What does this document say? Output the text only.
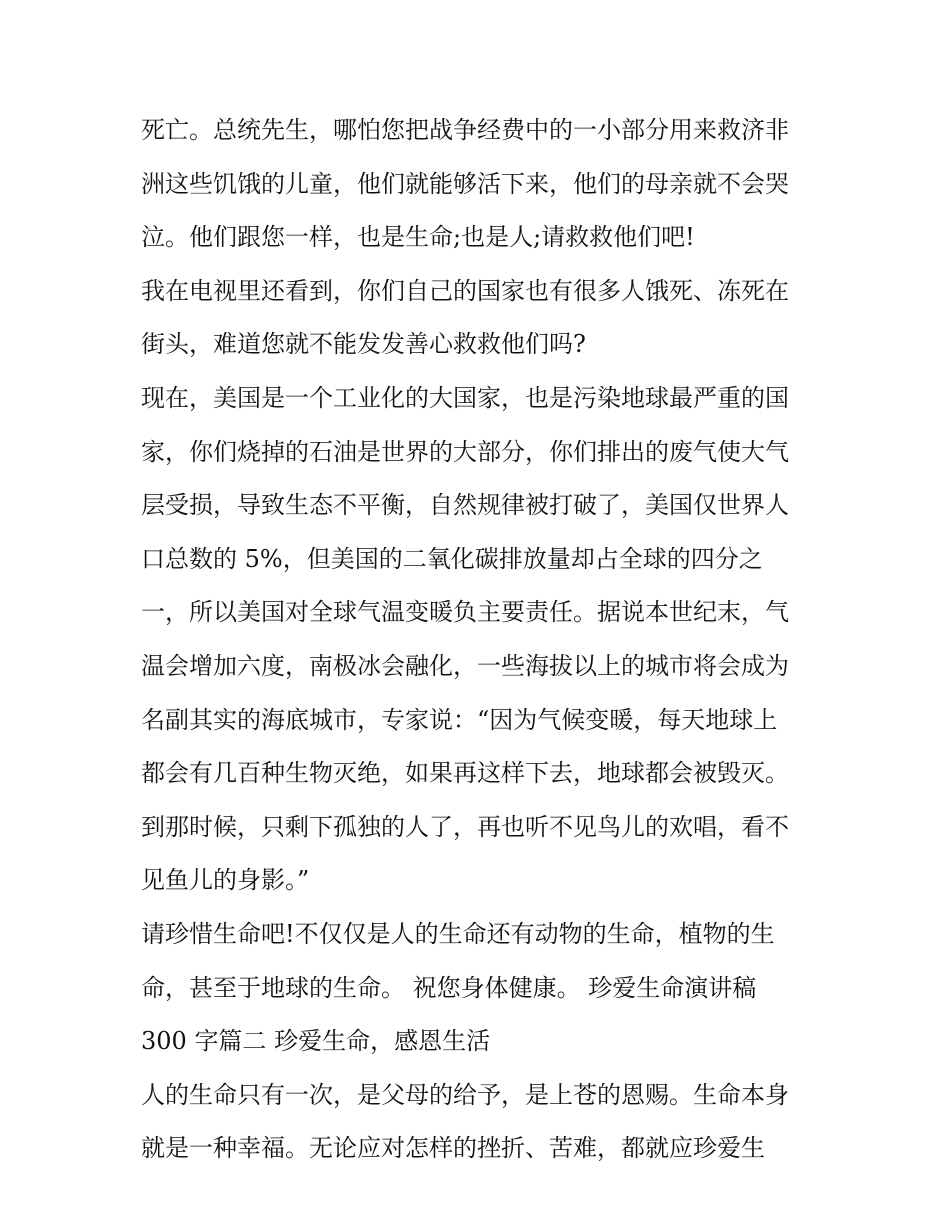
死亡。总统先生，哪怕您把战争经费中的一小部分用来救济非
洲这些饥饿的儿童，他们就能够活下来，他们的母亲就不会哭
泣。他们跟您一样，也是生命;也是人;请救救他们吧!
我在电视里还看到，你们自己的国家也有很多人饿死、冻死在
街头，难道您就不能发发善心救救他们吗?
现在，美国是一个工业化的大国家，也是污染地球最严重的国
家，你们烧掉的石油是世界的大部分，你们排出的废气使大气
层受损，导致生态不平衡，自然规律被打破了，美国仅世界人
口总数的 5%，但美国的二氧化碳排放量却占全球的四分之
一，所以美国对全球气温变暖负主要责任。据说本世纪末，气
温会增加六度，南极冰会融化，一些海拔以上的城市将会成为
名副其实的海底城市，专家说：“因为气候变暖，每天地球上
都会有几百种生物灭绝，如果再这样下去，地球都会被毁灭。
到那时候，只剩下孤独的人了，再也听不见鸟儿的欢唱，看不
见鱼儿的身影。”
请珍惜生命吧!不仅仅是人的生命还有动物的生命，植物的生
命，甚至于地球的生命。 祝您身体健康。 珍爱生命演讲稿
300 字篇二 珍爱生命，感恩生活
人的生命只有一次，是父母的给予，是上苍的恩赐。生命本身
就是一种幸福。无论应对怎样的挫折、苦难，都就应珍爱生
